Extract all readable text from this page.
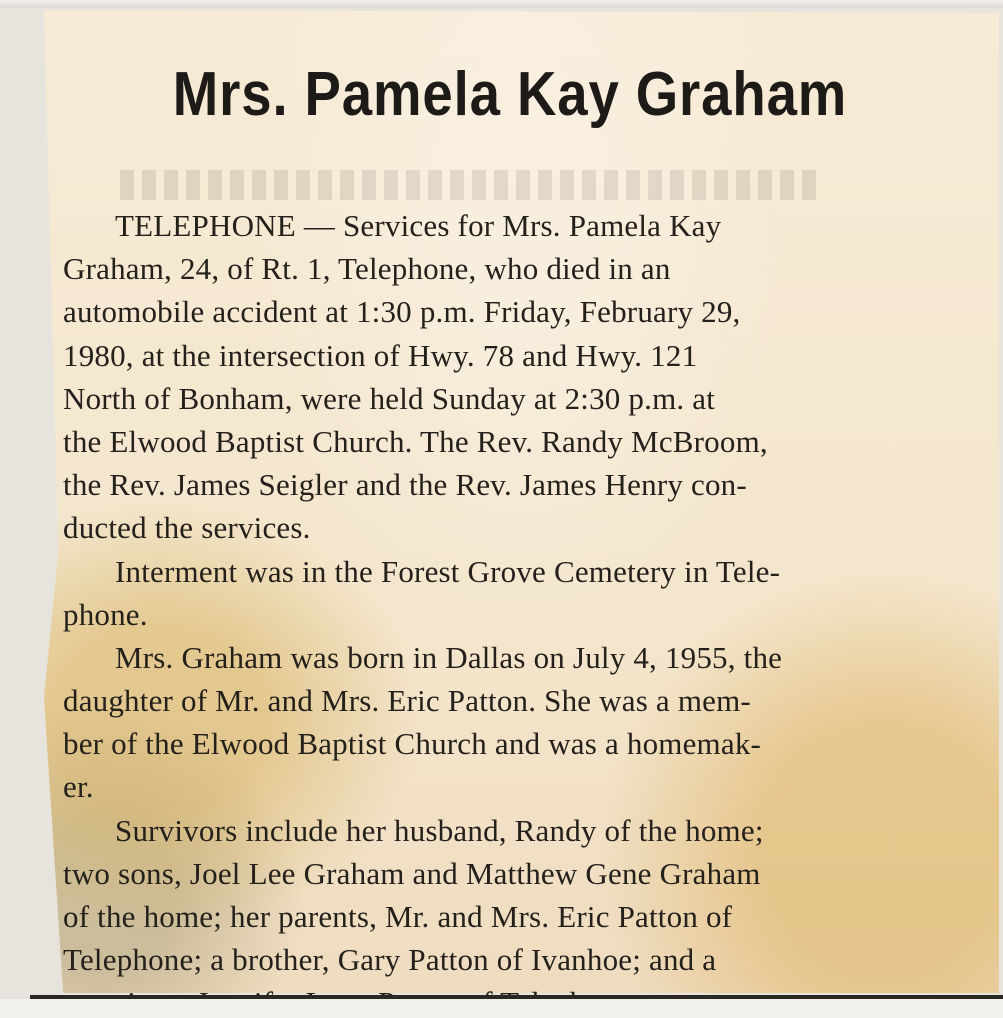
Mrs. Pamela Kay Graham
TELEPHONE — Services for Mrs. Pamela Kay
Graham, 24, of Rt. 1, Telephone, who died in an
automobile accident at 1:30 p.m. Friday, February 29,
1980, at the intersection of Hwy. 78 and Hwy. 121
North of Bonham, were held Sunday at 2:30 p.m. at
the Elwood Baptist Church. The Rev. Randy McBroom,
the Rev. James Seigler and the Rev. James Henry con-
ducted the services.
Interment was in the Forest Grove Cemetery in Tele-
phone.
Mrs. Graham was born in Dallas on July 4, 1955, the
daughter of Mr. and Mrs. Eric Patton. She was a mem-
ber of the Elwood Baptist Church and was a homemak-
er.
Survivors include her husband, Randy of the home;
two sons, Joel Lee Graham and Matthew Gene Graham
of the home; her parents, Mr. and Mrs. Eric Patton of
Telephone; a brother, Gary Patton of Ivanhoe; and a
